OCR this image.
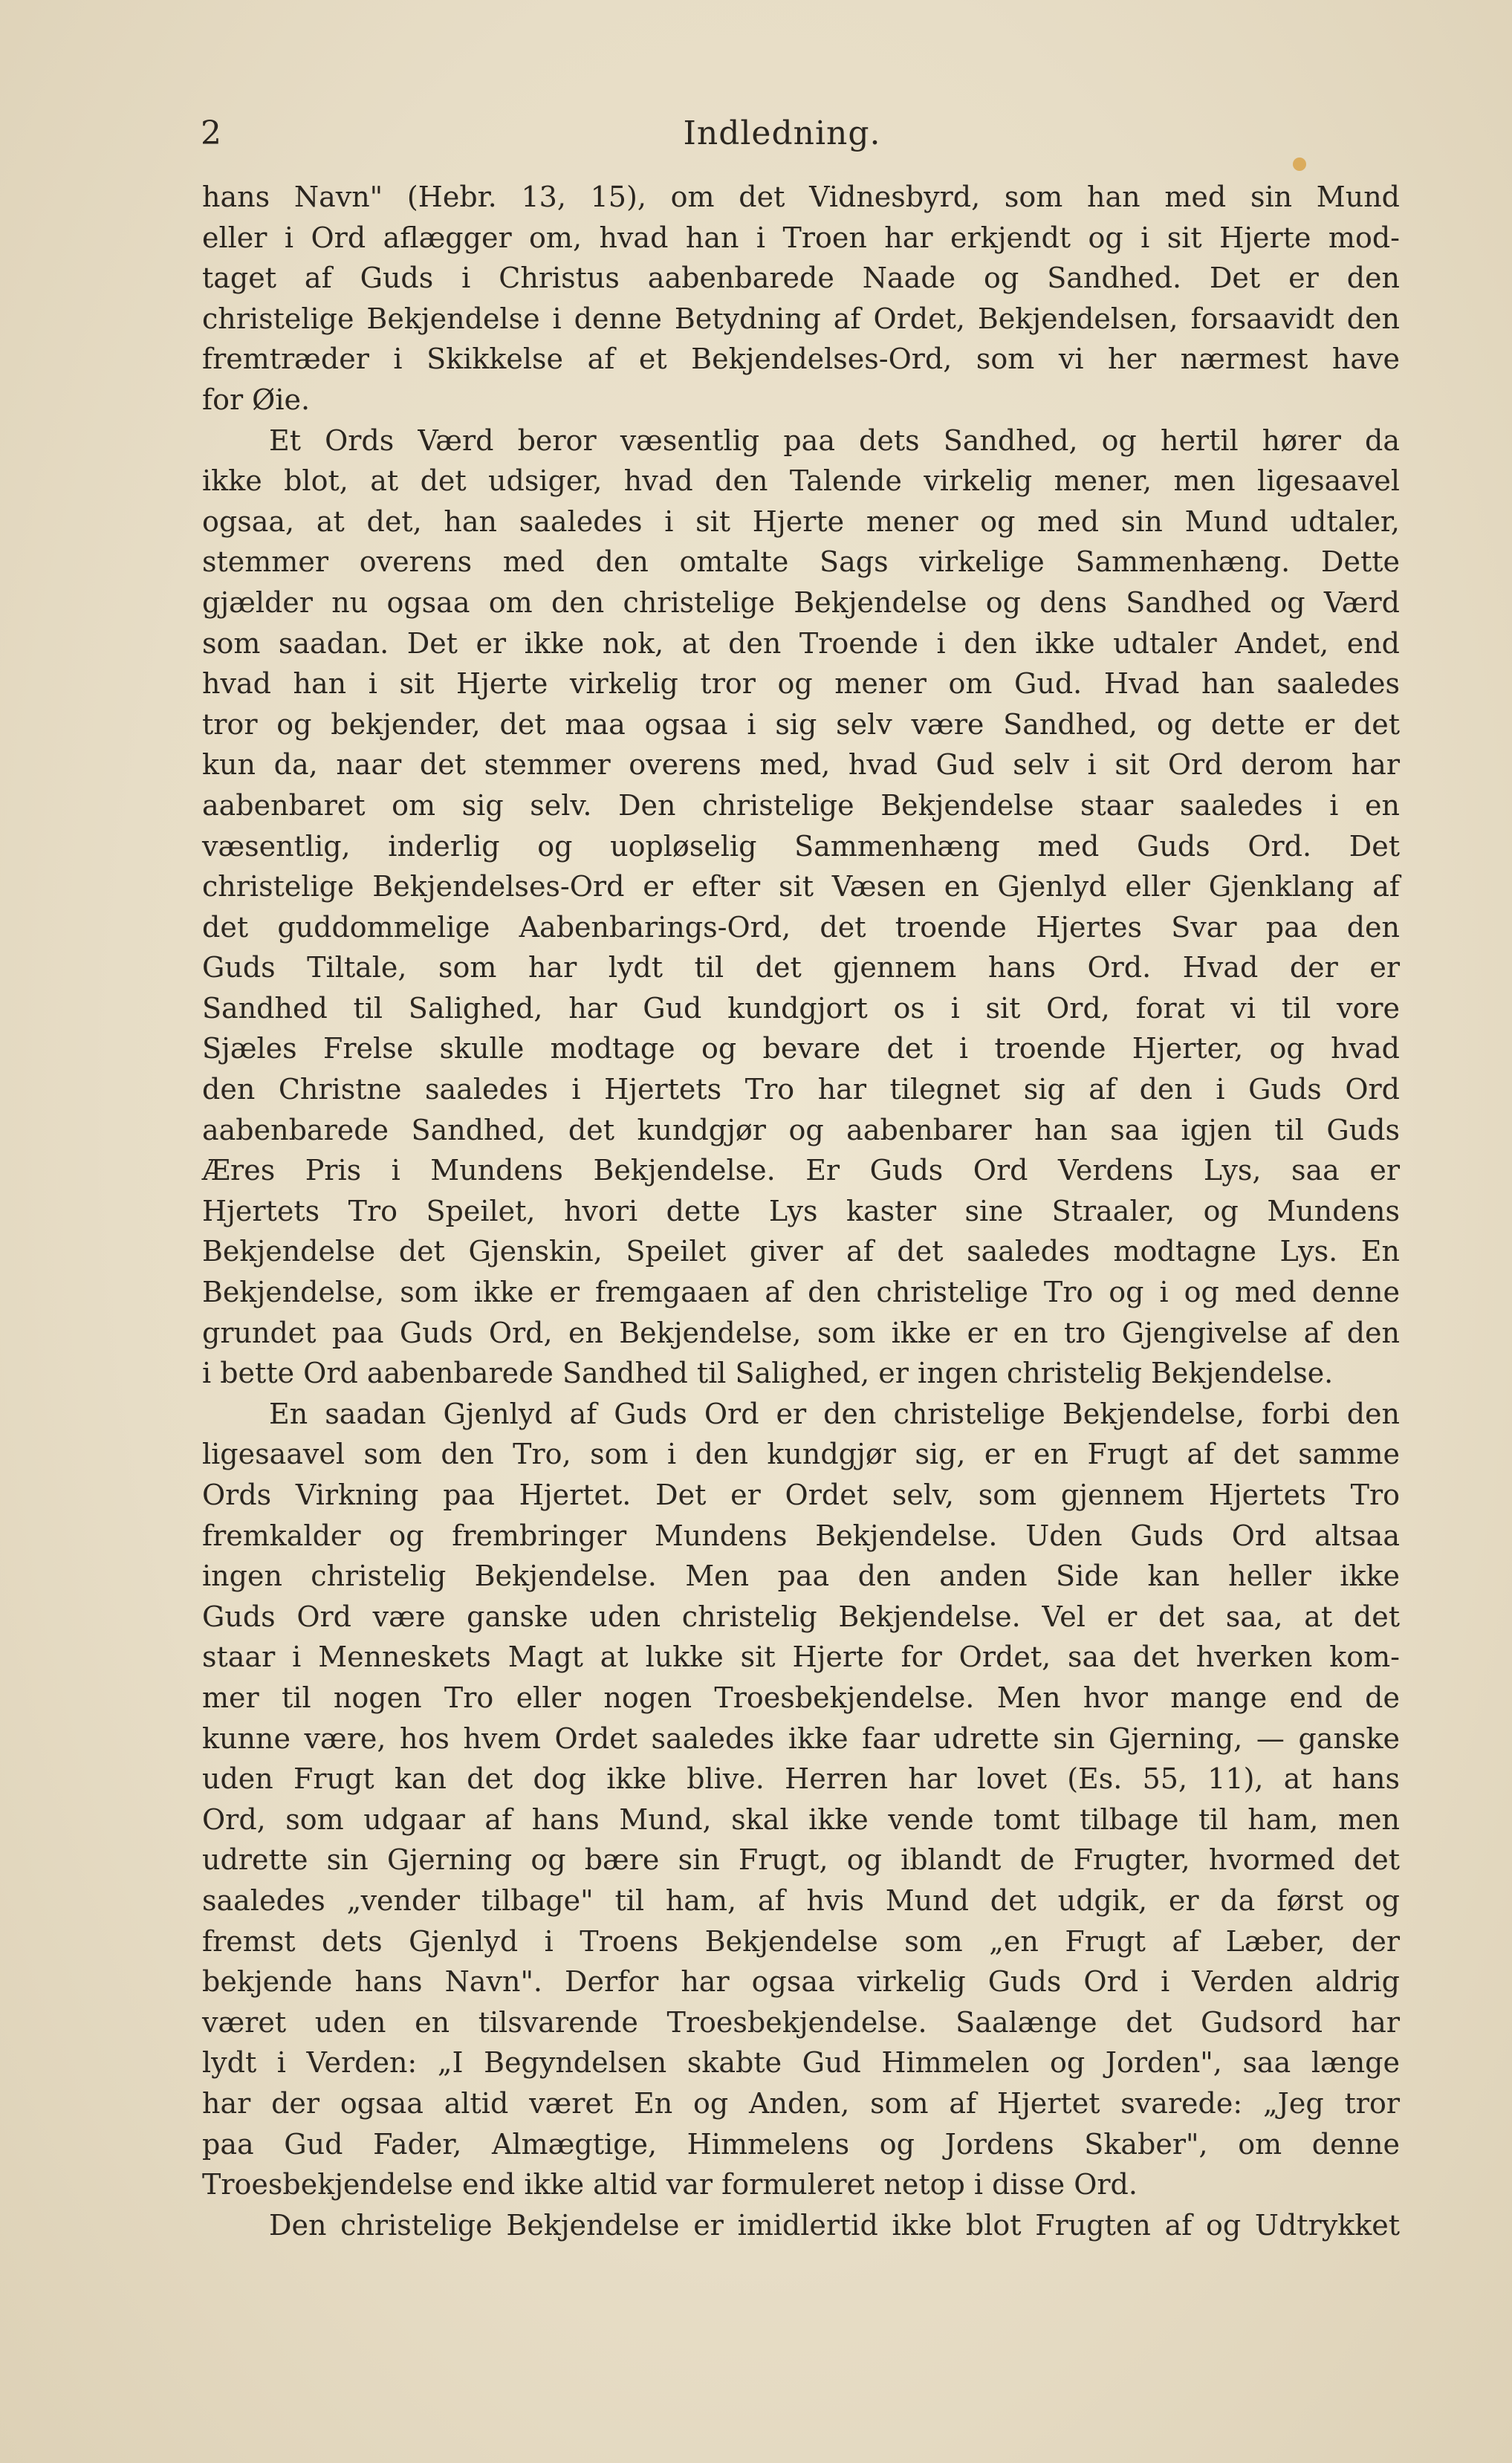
2	Indledning.
hans Navn" (Hebr. 13, 15), om det Vidnesbyrd, som han med sin Mund
eller i Ord aflægger om, hvad han i Troen har erkjendt og i sit Hjerte mod-
taget af Guds i Christus aabenbarede Naade og Sandhed. Det er den
christelige Bekjendelse i denne Betydning af Ordet, Bekjendelsen, forsaavidt den
fremtræder i Skikkelse af et Bekjendelses-Ord, som vi her nærmest have
for Øie.
Et Ords Værd beror væsentlig paa dets Sandhed, og hertil hører da
ikke blot, at det udsiger, hvad den Talende virkelig mener, men ligesaavel
ogsaa, at det, han saaledes i sit Hjerte mener og med sin Mund udtaler,
stemmer overens med den omtalte Sags virkelige Sammenhæng. Dette
gjælder nu ogsaa om den christelige Bekjendelse og dens Sandhed og Værd
som saadan. Det er ikke nok, at den Troende i den ikke udtaler Andet, end
hvad han i sit Hjerte virkelig tror og mener om Gud. Hvad han saaledes
tror og bekjender, det maa ogsaa i sig selv være Sandhed, og dette er det
kun da, naar det stemmer overens med, hvad Gud selv i sit Ord derom har
aabenbaret om sig selv. Den christelige Bekjendelse staar saaledes i en
væsentlig, inderlig og uopløselig Sammenhæng med Guds Ord. Det
christelige Bekjendelses-Ord er efter sit Væsen en Gjenlyd eller Gjenklang af
det guddommelige Aabenbarings-Ord, det troende Hjertes Svar paa den
Guds Tiltale, som har lydt til det gjennem hans Ord. Hvad der er
Sandhed til Salighed, har Gud kundgjort os i sit Ord, forat vi til vore
Sjæles Frelse skulle modtage og bevare det i troende Hjerter, og hvad
den Christne saaledes i Hjertets Tro har tilegnet sig af den i Guds Ord
aabenbarede Sandhed, det kundgjør og aabenbarer han saa igjen til Guds
Æres Pris i Mundens Bekjendelse. Er Guds Ord Verdens Lys, saa er
Hjertets Tro Speilet, hvori dette Lys kaster sine Straaler, og Mundens
Bekjendelse det Gjenskin, Speilet giver af det saaledes modtagne Lys. En
Bekjendelse, som ikke er fremgaaen af den christelige Tro og i og med denne
grundet paa Guds Ord, en Bekjendelse, som ikke er en tro Gjengivelse af den
i bette Ord aabenbarede Sandhed til Salighed, er ingen christelig Bekjendelse.
En saadan Gjenlyd af Guds Ord er den christelige Bekjendelse, forbi den
ligesaavel som den Tro, som i den kundgjør sig, er en Frugt af det samme
Ords Virkning paa Hjertet. Det er Ordet selv, som gjennem Hjertets Tro
fremkalder og frembringer Mundens Bekjendelse. Uden Guds Ord altsaa
ingen christelig Bekjendelse. Men paa den anden Side kan heller ikke
Guds Ord være ganske uden christelig Bekjendelse. Vel er det saa, at det
staar i Menneskets Magt at lukke sit Hjerte for Ordet, saa det hverken kom-
mer til nogen Tro eller nogen Troesbekjendelse. Men hvor mange end de
kunne være, hos hvem Ordet saaledes ikke faar udrette sin Gjerning, — ganske
uden Frugt kan det dog ikke blive. Herren har lovet (Es. 55, 11), at hans
Ord, som udgaar af hans Mund, skal ikke vende tomt tilbage til ham, men
udrette sin Gjerning og bære sin Frugt, og iblandt de Frugter, hvormed det
saaledes „vender tilbage" til ham, af hvis Mund det udgik, er da først og
fremst dets Gjenlyd i Troens Bekjendelse som „en Frugt af Læber, der
bekjende hans Navn". Derfor har ogsaa virkelig Guds Ord i Verden aldrig
været uden en tilsvarende Troesbekjendelse. Saalænge det Gudsord har
lydt i Verden: „I Begyndelsen skabte Gud Himmelen og Jorden", saa længe
har der ogsaa altid været En og Anden, som af Hjertet svarede: „Jeg tror
paa Gud Fader, Almægtige, Himmelens og Jordens Skaber", om denne
Troesbekjendelse end ikke altid var formuleret netop i disse Ord.
Den christelige Bekjendelse er imidlertid ikke blot Frugten af og Udtrykket
